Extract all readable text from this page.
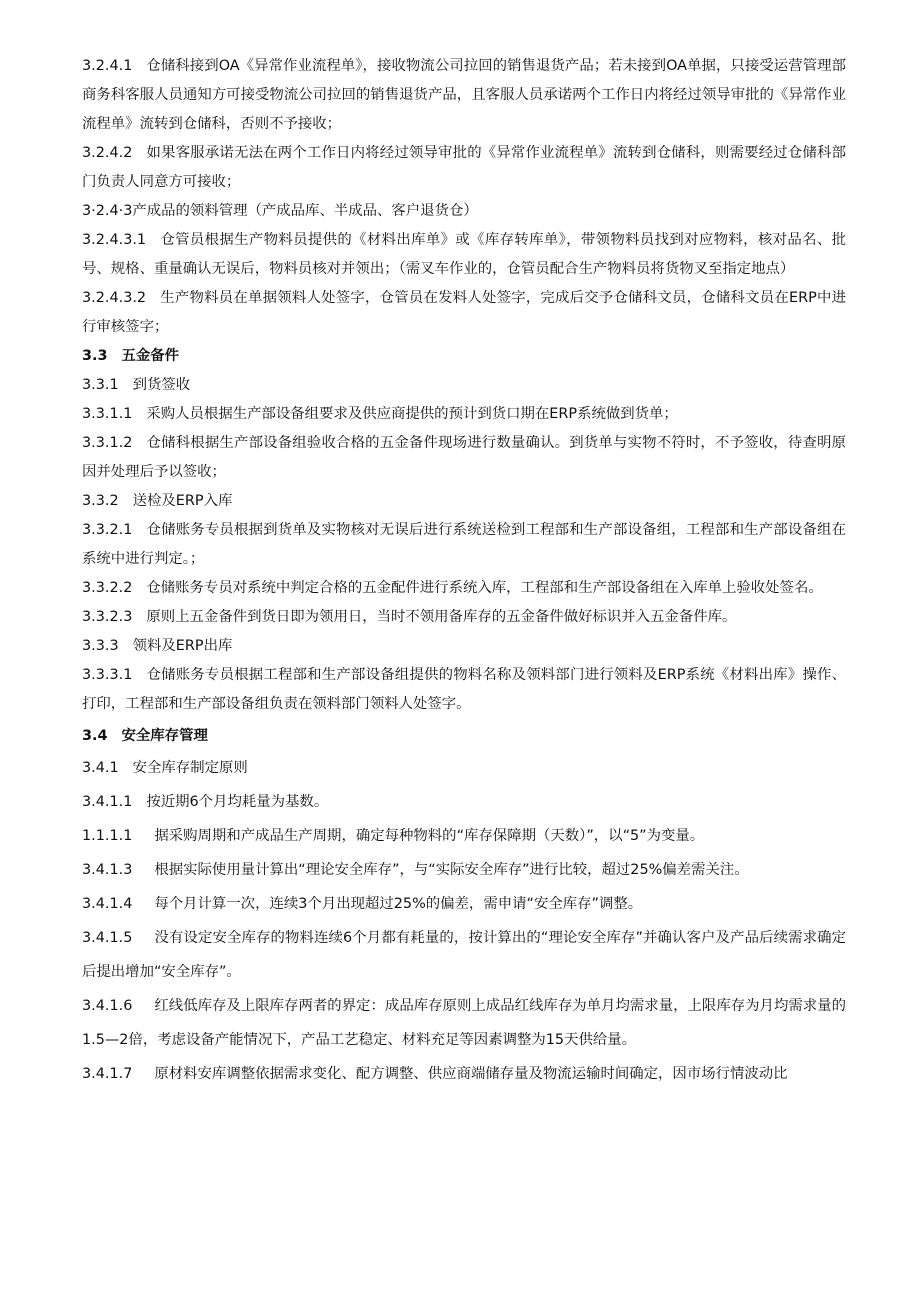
3.2.4.1 仓储科接到OA《异常作业流程单》，接收物流公司拉回的销售退货产品；若未接到OA单据，只接受运营管理部商务科客服人员通知方可接受物流公司拉回的销售退货产品，且客服人员承诺两个工作日内将经过领导审批的《异常作业流程单》流转到仓储科，否则不予接收；

3.2.4.2 如果客服承诺无法在两个工作日内将经过领导审批的《异常作业流程单》流转到仓储科，则需要经过仓储科部门负责人同意方可接收；

3·2.4·3产成品的领料管理（产成品库、半成品、客户退货仓）

3.2.4.3.1 仓管员根据生产物料员提供的《材料出库单》或《库存转库单》，带领物料员找到对应物料，核对品名、批号、规格、重量确认无误后，物料员核对并领出；（需叉车作业的，仓管员配合生产物料员将货物叉至指定地点）

3.2.4.3.2 生产物料员在单据领料人处签字，仓管员在发料人处签字，完成后交予仓储科文员，仓储科文员在ERP中进行审核签字；

3.3 五金备件

3.3.1 到货签收

3.3.1.1 采购人员根据生产部设备组要求及供应商提供的预计到货口期在ERP系统做到货单；

3.3.1.2 仓储科根据生产部设备组验收合格的五金备件现场进行数量确认。到货单与实物不符时，不予签收，待查明原因并处理后予以签收；

3.3.2 送检及ERP入库

3.3.2.1 仓储账务专员根据到货单及实物核对无误后进行系统送检到工程部和生产部设备组，工程部和生产部设备组在系统中进行判定。；

3.3.2.2 仓储账务专员对系统中判定合格的五金配件进行系统入库，工程部和生产部设备组在入库单上验收处签名。

3.3.2.3 原则上五金备件到货日即为领用日，当时不领用备库存的五金备件做好标识并入五金备件库。

3.3.3 领料及ERP出库

3.3.3.1 仓储账务专员根据工程部和生产部设备组提供的物料名称及领料部门进行领料及ERP系统《材料出库》操作、打印，工程部和生产部设备组负责在领料部门领料人处签字。

3.4 安全库存管理

3.4.1 安全库存制定原则

3.4.1.1 按近期6个月均耗量为基数。

1.1.1.1 据采购周期和产成品生产周期，确定每种物料的“库存保障期（天数）”，以“5”为变量。

3.4.1.3 根据实际使用量计算出“理论安全库存”，与“实际安全库存”进行比较，超过25%偏差需关注。

3.4.1.4 每个月计算一次，连续3个月出现超过25%的偏差，需申请“安全库存”调整。

3.4.1.5 没有设定安全库存的物料连续6个月都有耗量的，按计算出的“理论安全库存”并确认客户及产品后续需求确定后提出增加“安全库存”。

3.4.1.6 红线低库存及上限库存两者的界定：成品库存原则上成品红线库存为单月均需求量，上限库存为月均需求量的1.5—2倍，考虑设备产能情况下，产品工艺稳定、材料充足等因素调整为15天供给量。

3.4.1.7 原材料安库调整依据需求变化、配方调整、供应商端储存量及物流运输时间确定，因市场行情波动比
